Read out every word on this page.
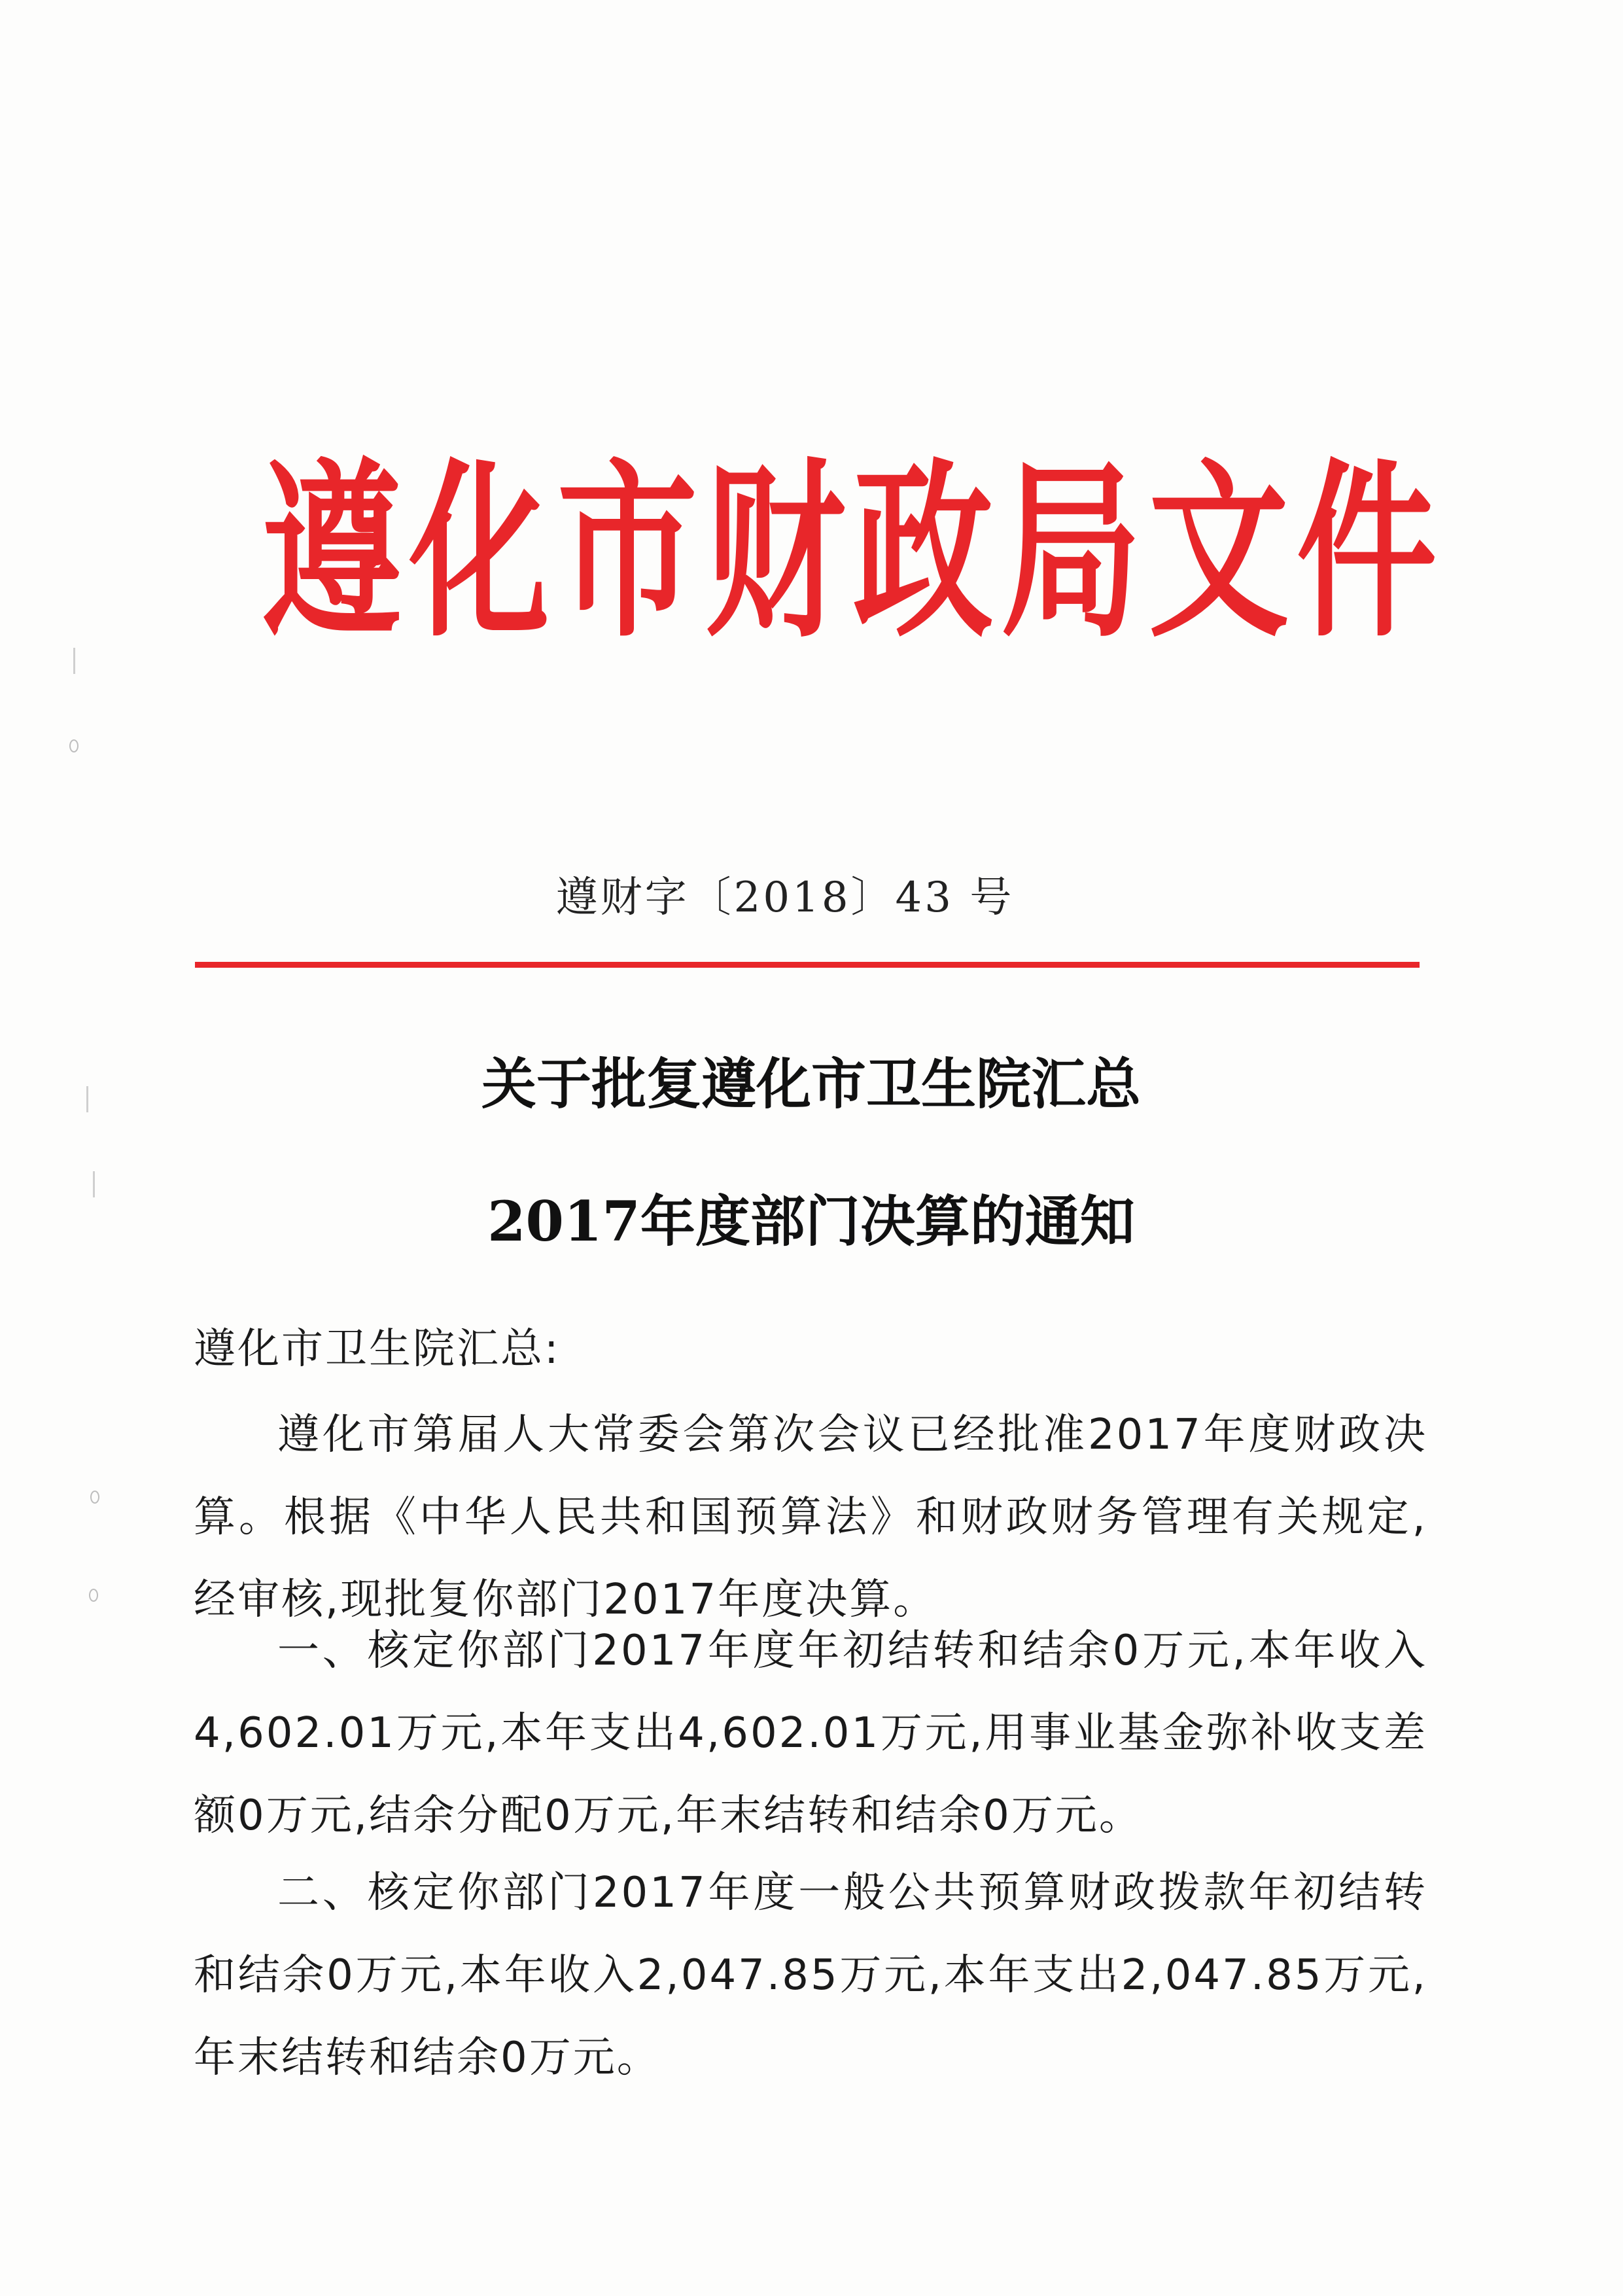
遵化市财政局文件
遵财字〔2018〕43 号
关于批复遵化市卫生院汇总
2017年度部门决算的通知
遵化市卫生院汇总:

遵化市第届人大常委会第次会议已经批准2017年度财政决算。根据《中华人民共和国预算法》和财政财务管理有关规定,经审核,现批复你部门2017年度决算。

一、核定你部门2017年度年初结转和结余0万元,本年收入4,602.01万元,本年支出4,602.01万元,用事业基金弥补收支差额0万元,结余分配0万元,年末结转和结余0万元。

二、核定你部门2017年度一般公共预算财政拨款年初结转和结余0万元,本年收入2,047.85万元,本年支出2,047.85万元,年末结转和结余0万元。
